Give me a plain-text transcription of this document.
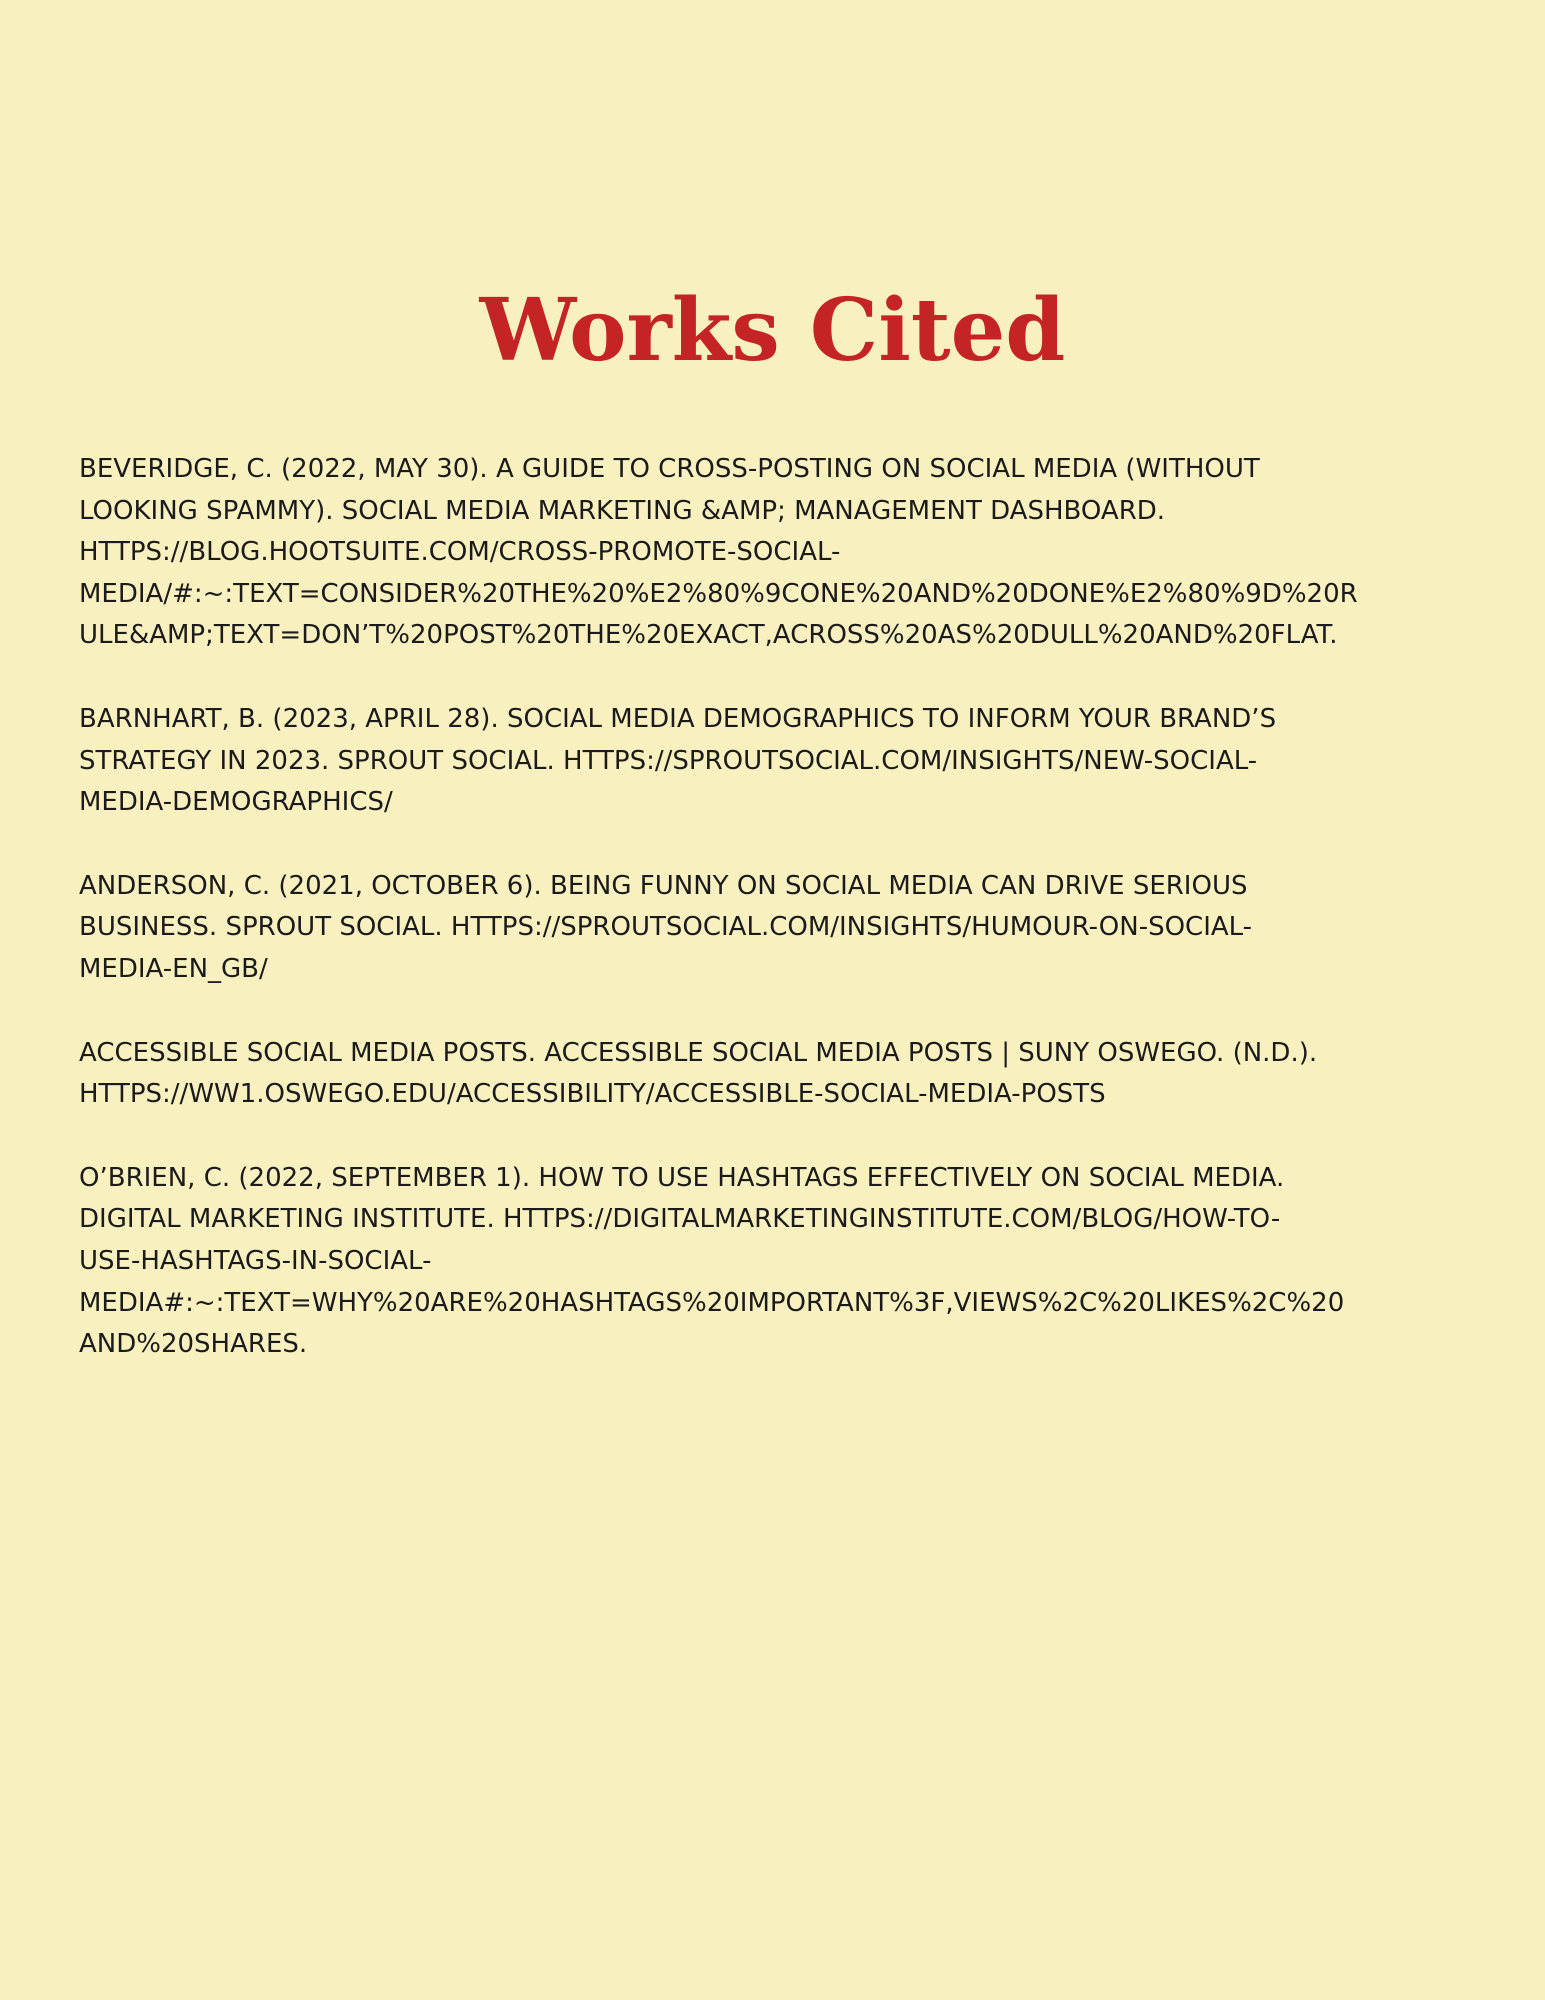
Works Cited
BEVERIDGE, C. (2022, MAY 30). A GUIDE TO CROSS-POSTING ON SOCIAL MEDIA (WITHOUT
LOOKING SPAMMY). SOCIAL MEDIA MARKETING &AMP; MANAGEMENT DASHBOARD.
HTTPS://BLOG.HOOTSUITE.COM/CROSS-PROMOTE-SOCIAL-
MEDIA/#:~:TEXT=CONSIDER%20THE%20%E2%80%9CONE%20AND%20DONE%E2%80%9D%20R
ULE&AMP;TEXT=DON’T%20POST%20THE%20EXACT,ACROSS%20AS%20DULL%20AND%20FLAT.
BARNHART, B. (2023, APRIL 28). SOCIAL MEDIA DEMOGRAPHICS TO INFORM YOUR BRAND’S
STRATEGY IN 2023. SPROUT SOCIAL. HTTPS://SPROUTSOCIAL.COM/INSIGHTS/NEW-SOCIAL-
MEDIA-DEMOGRAPHICS/
ANDERSON, C. (2021, OCTOBER 6). BEING FUNNY ON SOCIAL MEDIA CAN DRIVE SERIOUS
BUSINESS. SPROUT SOCIAL. HTTPS://SPROUTSOCIAL.COM/INSIGHTS/HUMOUR-ON-SOCIAL-
MEDIA-EN_GB/
ACCESSIBLE SOCIAL MEDIA POSTS. ACCESSIBLE SOCIAL MEDIA POSTS | SUNY OSWEGO. (N.D.).
HTTPS://WW1.OSWEGO.EDU/ACCESSIBILITY/ACCESSIBLE-SOCIAL-MEDIA-POSTS
O’BRIEN, C. (2022, SEPTEMBER 1). HOW TO USE HASHTAGS EFFECTIVELY ON SOCIAL MEDIA.
DIGITAL MARKETING INSTITUTE. HTTPS://DIGITALMARKETINGINSTITUTE.COM/BLOG/HOW-TO-
USE-HASHTAGS-IN-SOCIAL-
MEDIA#:~:TEXT=WHY%20ARE%20HASHTAGS%20IMPORTANT%3F,VIEWS%2C%20LIKES%2C%20
AND%20SHARES.
